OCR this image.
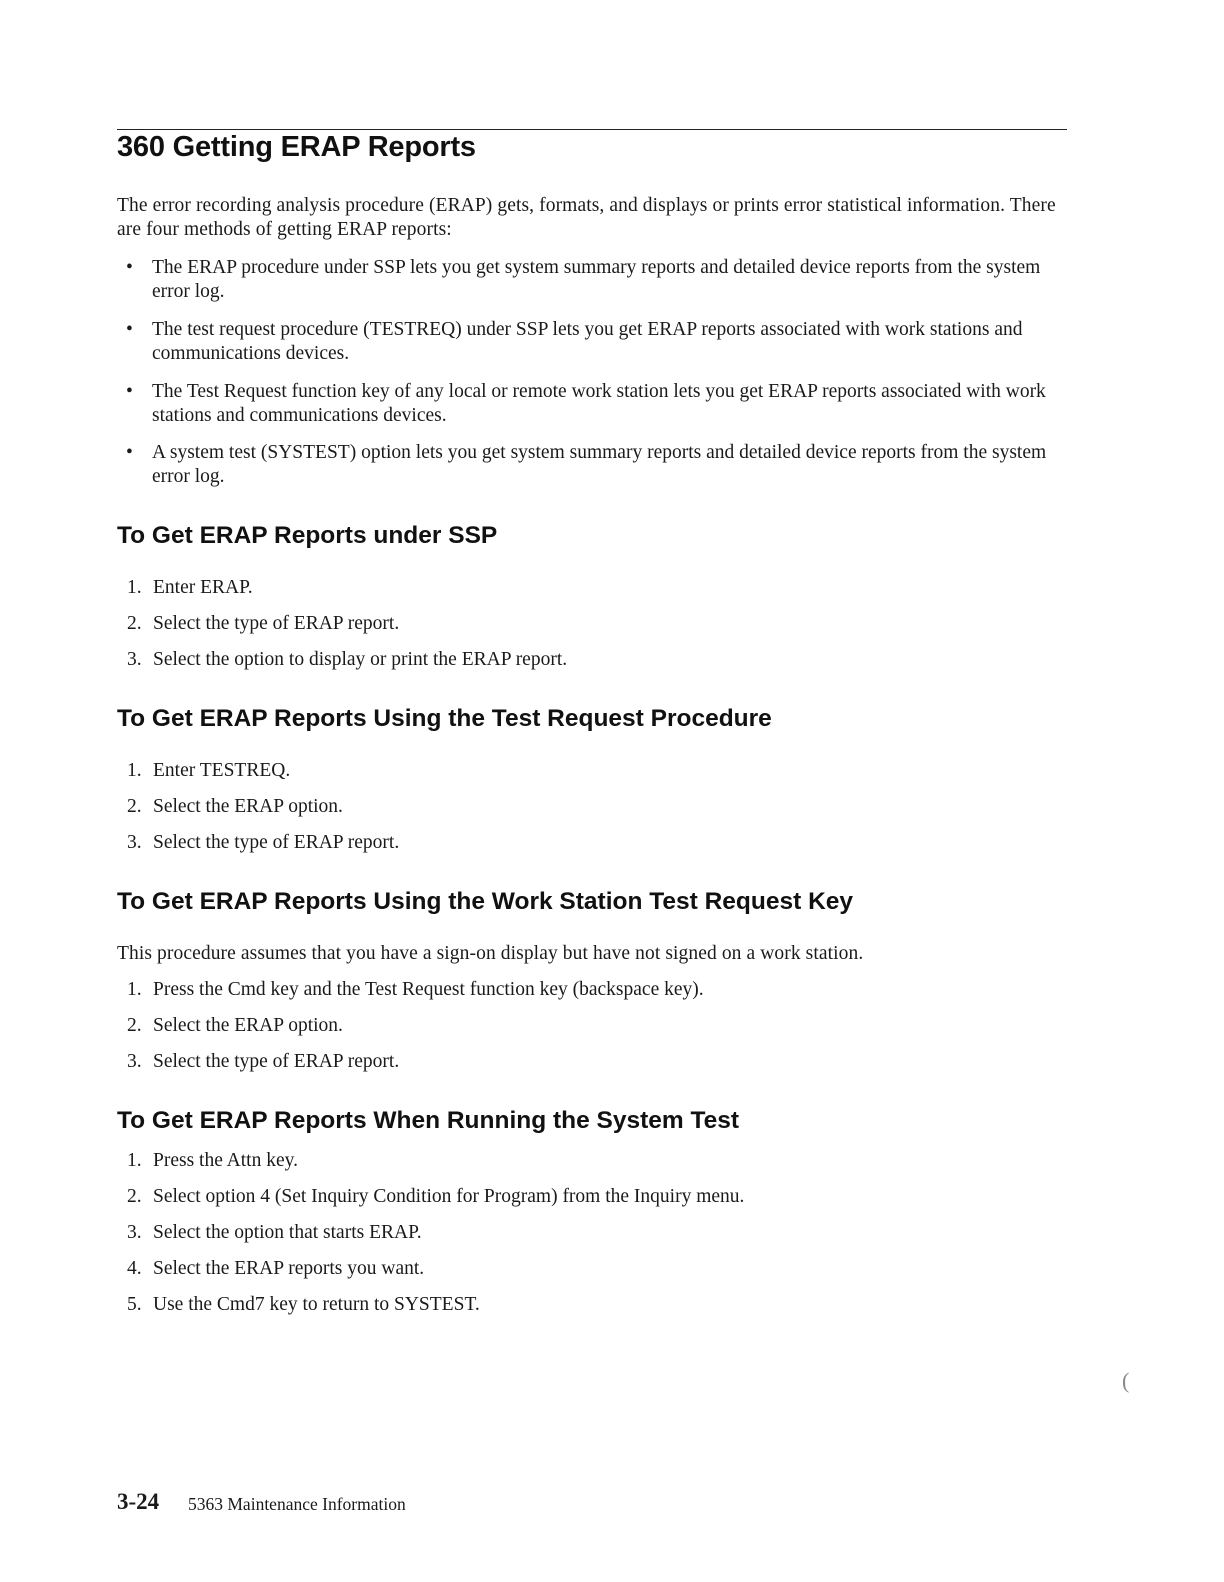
360 Getting ERAP Reports
The error recording analysis procedure (ERAP) gets, formats, and displays or prints error statistical information. There are four methods of getting ERAP reports:
• The ERAP procedure under SSP lets you get system summary reports and detailed device reports from the system error log.
• The test request procedure (TESTREQ) under SSP lets you get ERAP reports associated with work stations and communications devices.
• The Test Request function key of any local or remote work station lets you get ERAP reports associated with work stations and communications devices.
• A system test (SYSTEST) option lets you get system summary reports and detailed device reports from the system error log.
To Get ERAP Reports under SSP
1. Enter ERAP.
2. Select the type of ERAP report.
3. Select the option to display or print the ERAP report.
To Get ERAP Reports Using the Test Request Procedure
1. Enter TESTREQ.
2. Select the ERAP option.
3. Select the type of ERAP report.
To Get ERAP Reports Using the Work Station Test Request Key
This procedure assumes that you have a sign-on display but have not signed on a work station.
1. Press the Cmd key and the Test Request function key (backspace key).
2. Select the ERAP option.
3. Select the type of ERAP report.
To Get ERAP Reports When Running the System Test
1. Press the Attn key.
2. Select option 4 (Set Inquiry Condition for Program) from the Inquiry menu.
3. Select the option that starts ERAP.
4. Select the ERAP reports you want.
5. Use the Cmd7 key to return to SYSTEST.
(
3-24 5363 Maintenance Information
